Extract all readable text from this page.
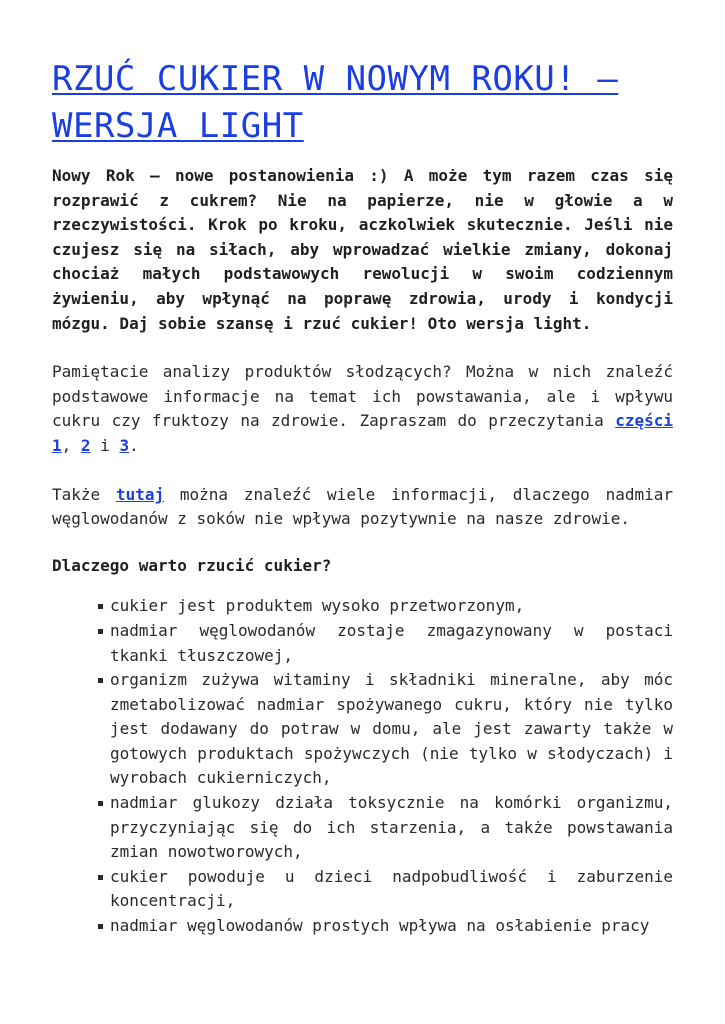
RZUĆ CUKIER W NOWYM ROKU! – WERSJA LIGHT

Nowy Rok – nowe postanowienia :) A może tym razem czas się rozprawić z cukrem? Nie na papierze, nie w głowie a w rzeczywistości. Krok po kroku, aczkolwiek skutecznie. Jeśli nie czujesz się na siłach, aby wprowadzać wielkie zmiany, dokonaj chociaż małych podstawowych rewolucji w swoim codziennym żywieniu, aby wpłynąć na poprawę zdrowia, urody i kondycji mózgu. Daj sobie szansę i rzuć cukier! Oto wersja light.

Pamiętacie analizy produktów słodzących? Można w nich znaleźć podstawowe informacje na temat ich powstawania, ale i wpływu cukru czy fruktozy na zdrowie. Zapraszam do przeczytania części 1, 2 i 3.

Także tutaj można znaleźć wiele informacji, dlaczego nadmiar węglowodanów z soków nie wpływa pozytywnie na nasze zdrowie.

Dlaczego warto rzucić cukier?

cukier jest produktem wysoko przetworzonym,
nadmiar węglowodanów zostaje zmagazynowany w postaci tkanki tłuszczowej,
organizm zużywa witaminy i składniki mineralne, aby móc zmetabolizować nadmiar spożywanego cukru, który nie tylko jest dodawany do potraw w domu, ale jest zawarty także w gotowych produktach spożywczych (nie tylko w słodyczach) i wyrobach cukierniczych,
nadmiar glukozy działa toksycznie na komórki organizmu, przyczyniając się do ich starzenia, a także powstawania zmian nowotworowych,
cukier powoduje u dzieci nadpobudliwość i zaburzenie koncentracji,
nadmiar węglowodanów prostych wpływa na osłabienie pracy
